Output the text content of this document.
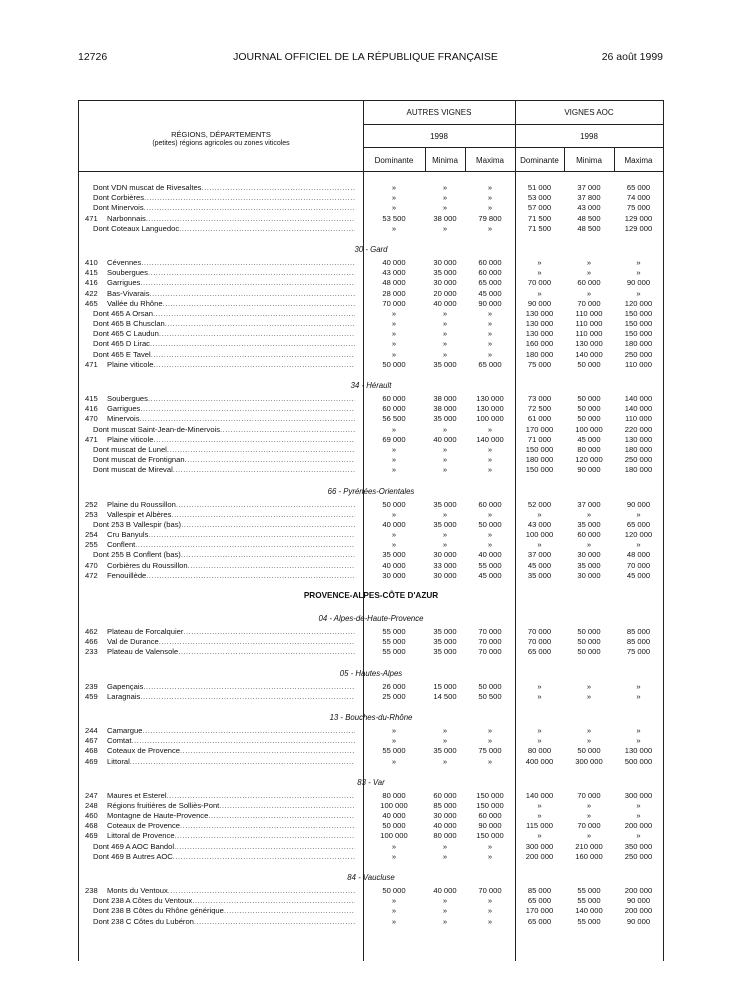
12726	JOURNAL OFFICIEL DE LA RÉPUBLIQUE FRANÇAISE	26 août 1999
RÉGIONS, DÉPARTEMENTS
(petites) régions agricoles ou zones viticoles
AUTRES VIGNES	VIGNES AOC
1998	1998
Dominante	Minima	Maxima	Dominante	Minima	Maxima
Dont VDN muscat de Rivesaltes .....	»	»	»	51 000	37 000	65 000
Dont Corbières .....	»	»	»	53 000	37 800	74 000
Dont Minervois .....	»	»	»	57 000	43 000	75 000
471	Narbonnais .....	53 500	38 000	79 800	71 500	48 500	129 000
Dont Coteaux Languedoc .....	»	»	»	71 500	48 500	129 000
30 - Gard
410	Cévennes .....	40 000	30 000	60 000	»	»	»
415	Soubergues .....	43 000	35 000	60 000	»	»	»
416	Garrigues .....	48 000	30 000	65 000	70 000	60 000	90 000
422	Bas-Vivarais .....	28 000	20 000	45 000	»	»	»
465	Vallée du Rhône .....	70 000	40 000	90 000	90 000	70 000	120 000
Dont 465 A Orsan .....	»	»	»	130 000	110 000	150 000
Dont 465 B Chusclan .....	»	»	»	130 000	110 000	150 000
Dont 465 C Laudun .....	»	»	»	130 000	110 000	150 000
Dont 465 D Lirac .....	»	»	»	160 000	130 000	180 000
Dont 465 E Tavel .....	»	»	»	180 000	140 000	250 000
471	Plaine viticole .....	50 000	35 000	65 000	75 000	50 000	110 000
34 - Hérault
415	Soubergues .....	60 000	38 000	130 000	73 000	50 000	140 000
416	Garrigues .....	60 000	38 000	130 000	72 500	50 000	140 000
470	Minervois .....	56 500	35 000	100 000	61 000	50 000	110 000
Dont muscat Saint-Jean-de-Minervois .....	»	»	»	170 000	100 000	220 000
471	Plaine viticole .....	69 000	40 000	140 000	71 000	45 000	130 000
Dont muscat de Lunel .....	»	»	»	150 000	80 000	180 000
Dont muscat de Frontignan .....	»	»	»	180 000	120 000	250 000
Dont muscat de Mireval .....	»	»	»	150 000	90 000	180 000
66 - Pyrénées-Orientales
252	Plaine du Roussillon .....	50 000	35 000	60 000	52 000	37 000	90 000
253	Vallespir et Albères .....	»	»	»	»	»	»
Dont 253 B Vallespir (bas) .....	40 000	35 000	50 000	43 000	35 000	65 000
254	Cru Banyuls .....	»	»	»	100 000	60 000	120 000
255	Conflent .....	»	»	»	»	»	»
Dont 255 B Conflent (bas) .....	35 000	30 000	40 000	37 000	30 000	48 000
470	Corbières du Roussillon .....	40 000	33 000	55 000	45 000	35 000	70 000
472	Fenouillède .....	30 000	30 000	45 000	35 000	30 000	45 000
PROVENCE-ALPES-CÔTE D'AZUR
04 - Alpes-de-Haute-Provence
462	Plateau de Forcalquier .....	55 000	35 000	70 000	70 000	50 000	85 000
466	Val de Durance .....	55 000	35 000	70 000	70 000	50 000	85 000
233	Plateau de Valensole .....	55 000	35 000	70 000	65 000	50 000	75 000
05 - Hautes-Alpes
239	Gapençais .....	26 000	15 000	50 000	»	»	»
459	Laragnais .....	25 000	14 500	50 500	»	»	»
13 - Bouches-du-Rhône
244	Camargue .....	»	»	»	»	»	»
467	Comtat .....	»	»	»	»	»	»
468	Coteaux de Provence .....	55 000	35 000	75 000	80 000	50 000	130 000
469	Littoral .....	»	»	»	400 000	300 000	500 000
83 - Var
247	Maures et Esterel .....	80 000	60 000	150 000	140 000	70 000	300 000
248	Régions fruitières de Solliès-Pont .....	100 000	85 000	150 000	»	»	»
460	Montagne de Haute-Provence .....	40 000	30 000	60 000	»	»	»
468	Coteaux de Provence .....	50 000	40 000	90 000	115 000	70 000	200 000
469	Littoral de Provence .....	100 000	80 000	150 000	»	»	»
Dont 469 A AOC Bandol .....	»	»	»	300 000	210 000	350 000
Dont 469 B Autres AOC .....	»	»	»	200 000	160 000	250 000
84 - Vaucluse
238	Monts du Ventoux .....	50 000	40 000	70 000	85 000	55 000	200 000
Dont 238 A Côtes du Ventoux .....	»	»	»	65 000	55 000	90 000
Dont 238 B Côtes du Rhône générique .....	»	»	»	170 000	140 000	200 000
Dont 238 C Côtes du Lubéron .....	»	»	»	65 000	55 000	90 000
